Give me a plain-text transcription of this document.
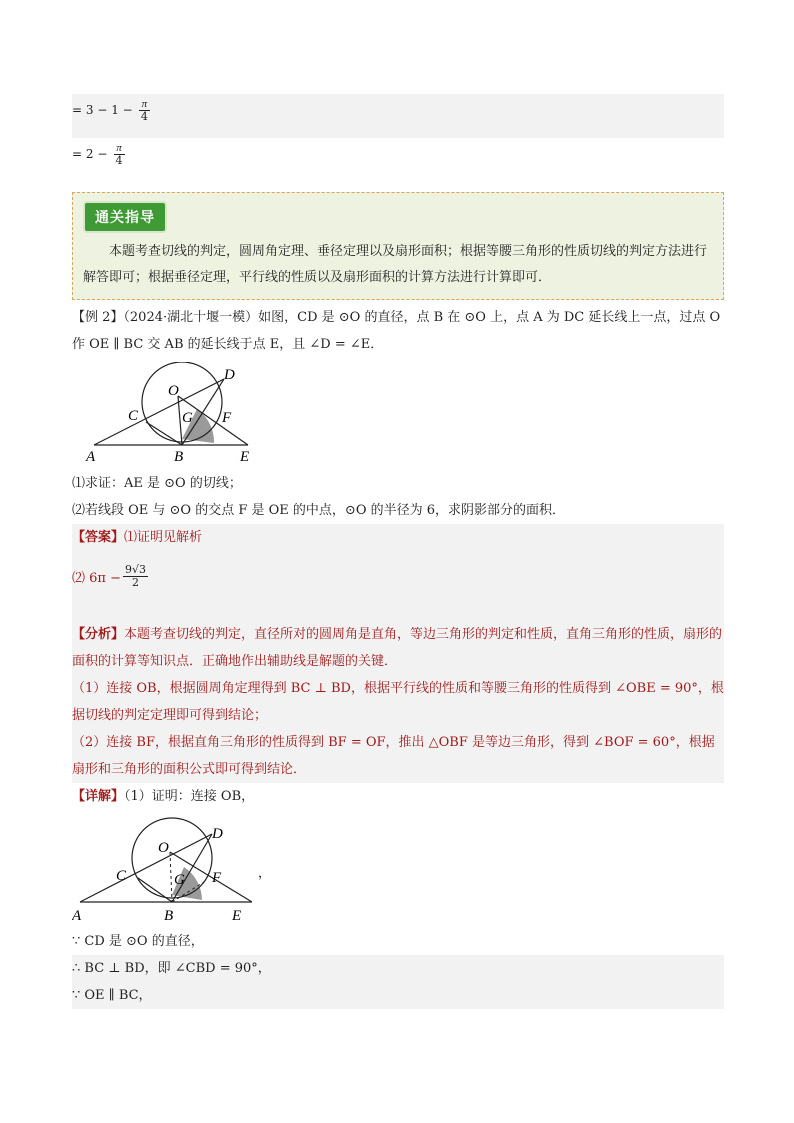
= $3 - 1 - \frac{\pi}{4}$
= $2 - \frac{\pi}{4}$
通关指导
本题考查切线的判定，圆周角定理、垂径定理以及扇形面积；根据等腰三角形的性质切线的判定方法进行解答即可；根据垂径定理，平行线的性质以及扇形面积的计算方法进行计算即可．
【例 2】（2024·湖北十堰一模）如图，CD 是 ⊙O 的直径，点 B 在 ⊙O 上，点 A 为 DC 延长线上一点，过点 O
作 OE ∥ BC 交 AB 的延长线于点 E，且 ∠D = ∠E．
O
D
C	G F
A	B	E
⑴求证：AE 是 ⊙O 的切线；
⑵若线段 OE 与 ⊙O 的交点 F 是 OE 的中点，⊙O 的半径为 6，求阴影部分的面积．
【答案】⑴证明见解析
⑵ $6\pi - \frac{9√3}{2}$
【分析】本题考查切线的判定，直径所对的圆周角是直角，等边三角形的判定和性质，直角三角形的性质，扇形的面积的计算等知识点．正确地作出辅助线是解题的关键．
（1）连接 OB，根据圆周角定理得到 BC ⊥ BD，根据平行线的性质和等腰三角形的性质得到 ∠OBE = 90°，根据切线的判定定理即可得到结论；
（2）连接 BF，根据直角三角形的性质得到 BF = OF，推出 △OBF 是等边三角形，得到 ∠BOF = 60°，根据扇形和三角形的面积公式即可得到结论．
【详解】（1）证明：连接 OB，
O
D
C	G F
A	B	E
，
∵ CD 是 ⊙O 的直径，
∴ BC ⊥ BD，即 ∠CBD = 90°，
∵ OE ∥ BC，
